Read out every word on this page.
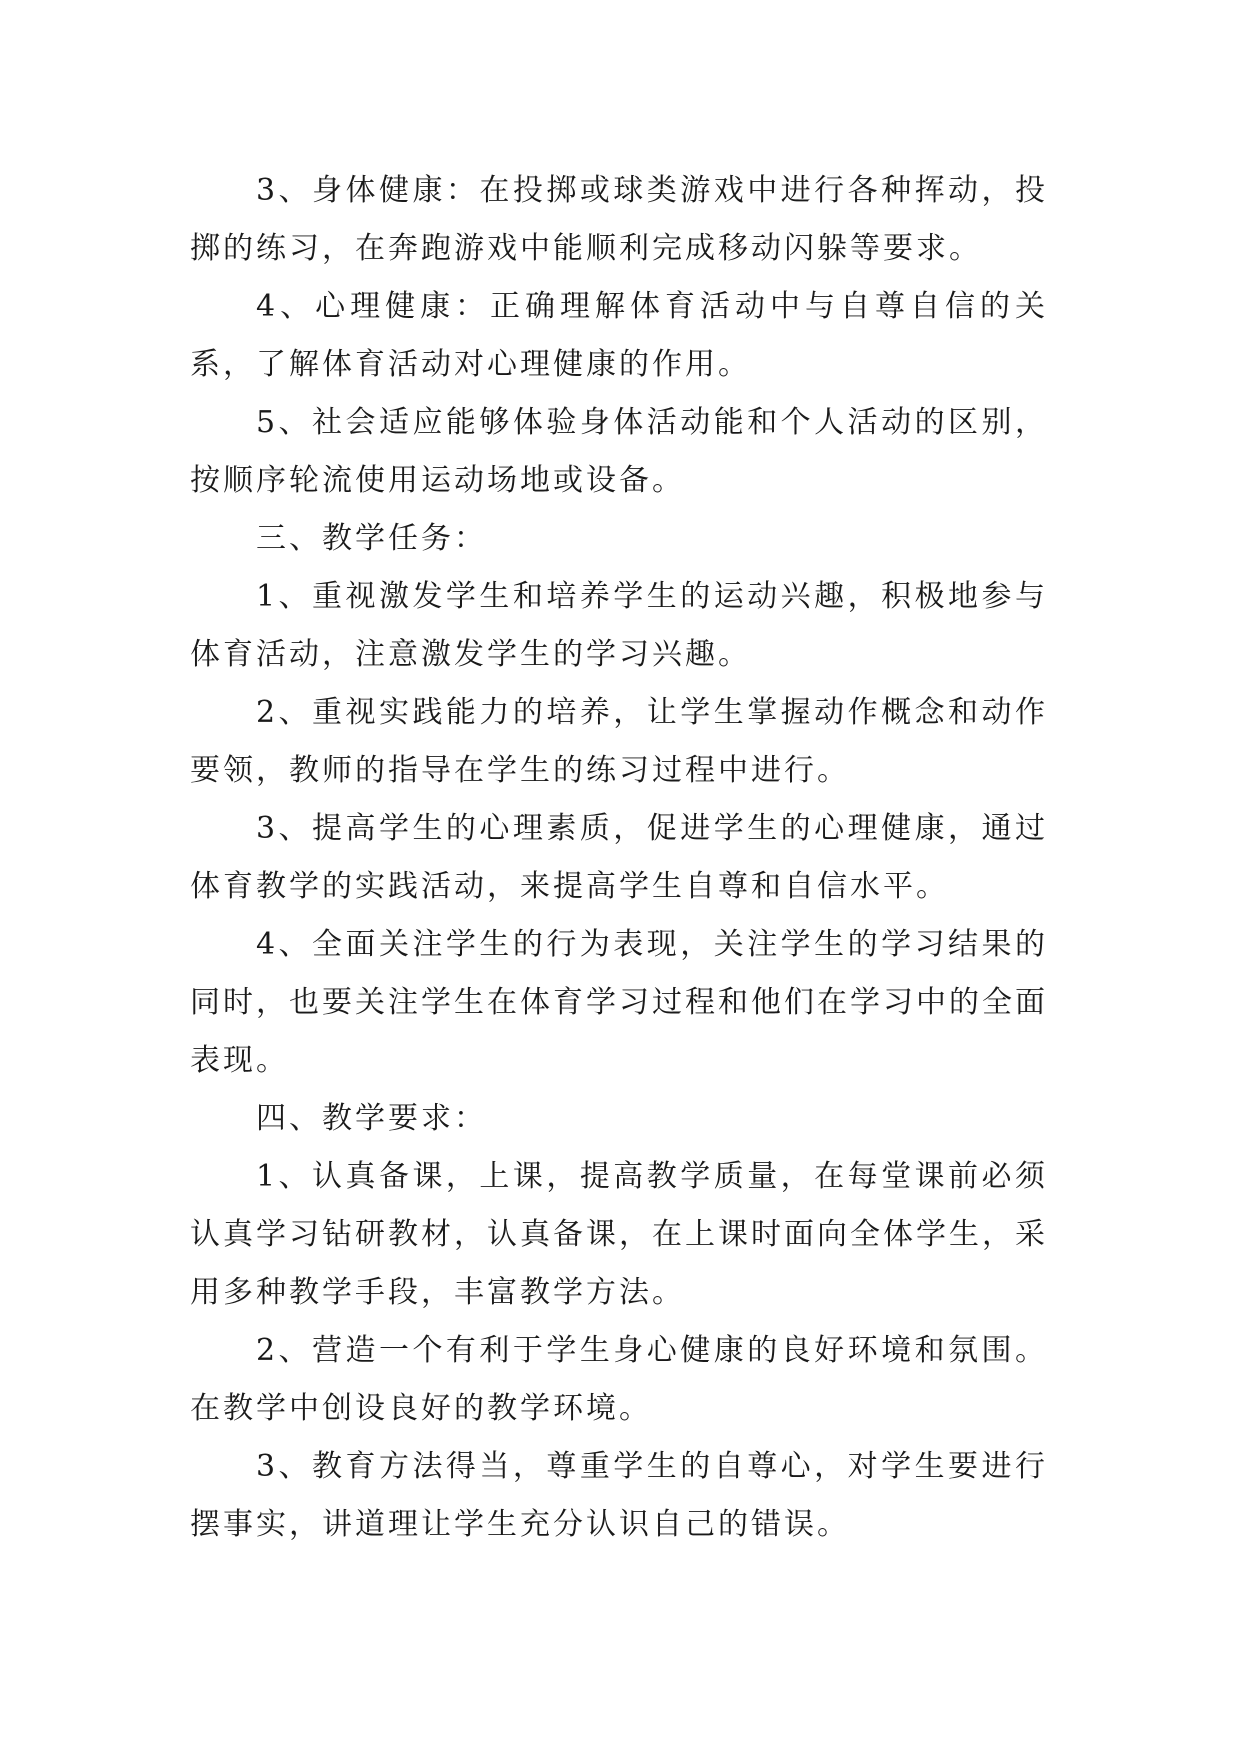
3、身体健康：在投掷或球类游戏中进行各种挥动，投掷的练习，在奔跑游戏中能顺利完成移动闪躲等要求。

4、心理健康：正确理解体育活动中与自尊自信的关系，了解体育活动对心理健康的作用。

5、社会适应能够体验身体活动能和个人活动的区别，按顺序轮流使用运动场地或设备。

三、教学任务：

1、重视激发学生和培养学生的运动兴趣，积极地参与体育活动，注意激发学生的学习兴趣。

2、重视实践能力的培养，让学生掌握动作概念和动作要领，教师的指导在学生的练习过程中进行。

3、提高学生的心理素质，促进学生的心理健康，通过体育教学的实践活动，来提高学生自尊和自信水平。

4、全面关注学生的行为表现，关注学生的学习结果的同时，也要关注学生在体育学习过程和他们在学习中的全面表现。

四、教学要求：

1、认真备课，上课，提高教学质量，在每堂课前必须认真学习钻研教材，认真备课，在上课时面向全体学生，采用多种教学手段，丰富教学方法。

2、营造一个有利于学生身心健康的良好环境和氛围。在教学中创设良好的教学环境。

3、教育方法得当，尊重学生的自尊心，对学生要进行摆事实，讲道理让学生充分认识自己的错误。
